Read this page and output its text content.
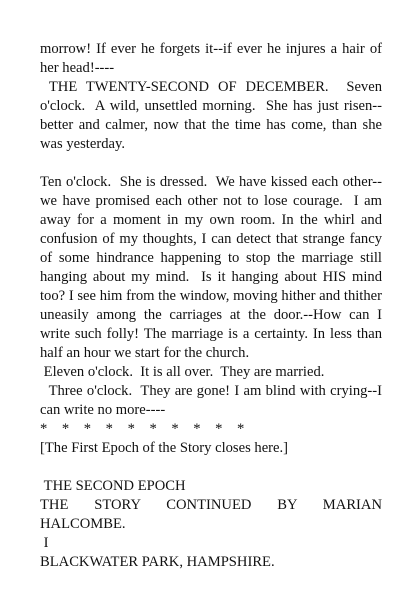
morrow! If ever he forgets it--if ever he injures a hair of her head!----

THE TWENTY-SECOND OF DECEMBER.  Seven o'clock.  A wild, unsettled morning.  She has just risen--better and calmer, now that the time has come, than she was yesterday.

Ten o'clock.  She is dressed.  We have kissed each other--we have promised each other not to lose courage.  I am away for a moment in my own room. In the whirl and confusion of my thoughts, I can detect that strange fancy of some hindrance happening to stop the marriage still hanging about my mind.  Is it hanging about HIS mind too? I see him from the window, moving hither and thither uneasily among the carriages at the door.--How can I write such folly! The marriage is a certainty. In less than half an hour we start for the church.

Eleven o'clock.  It is all over.  They are married.

Three o'clock.  They are gone! I am blind with crying--I can write no more----

*    *    *    *    *    *    *    *    *    *

[The First Epoch of the Story closes here.]

THE SECOND EPOCH

THE STORY CONTINUED BY MARIAN

HALCOMBE.

I

BLACKWATER PARK, HAMPSHIRE.
